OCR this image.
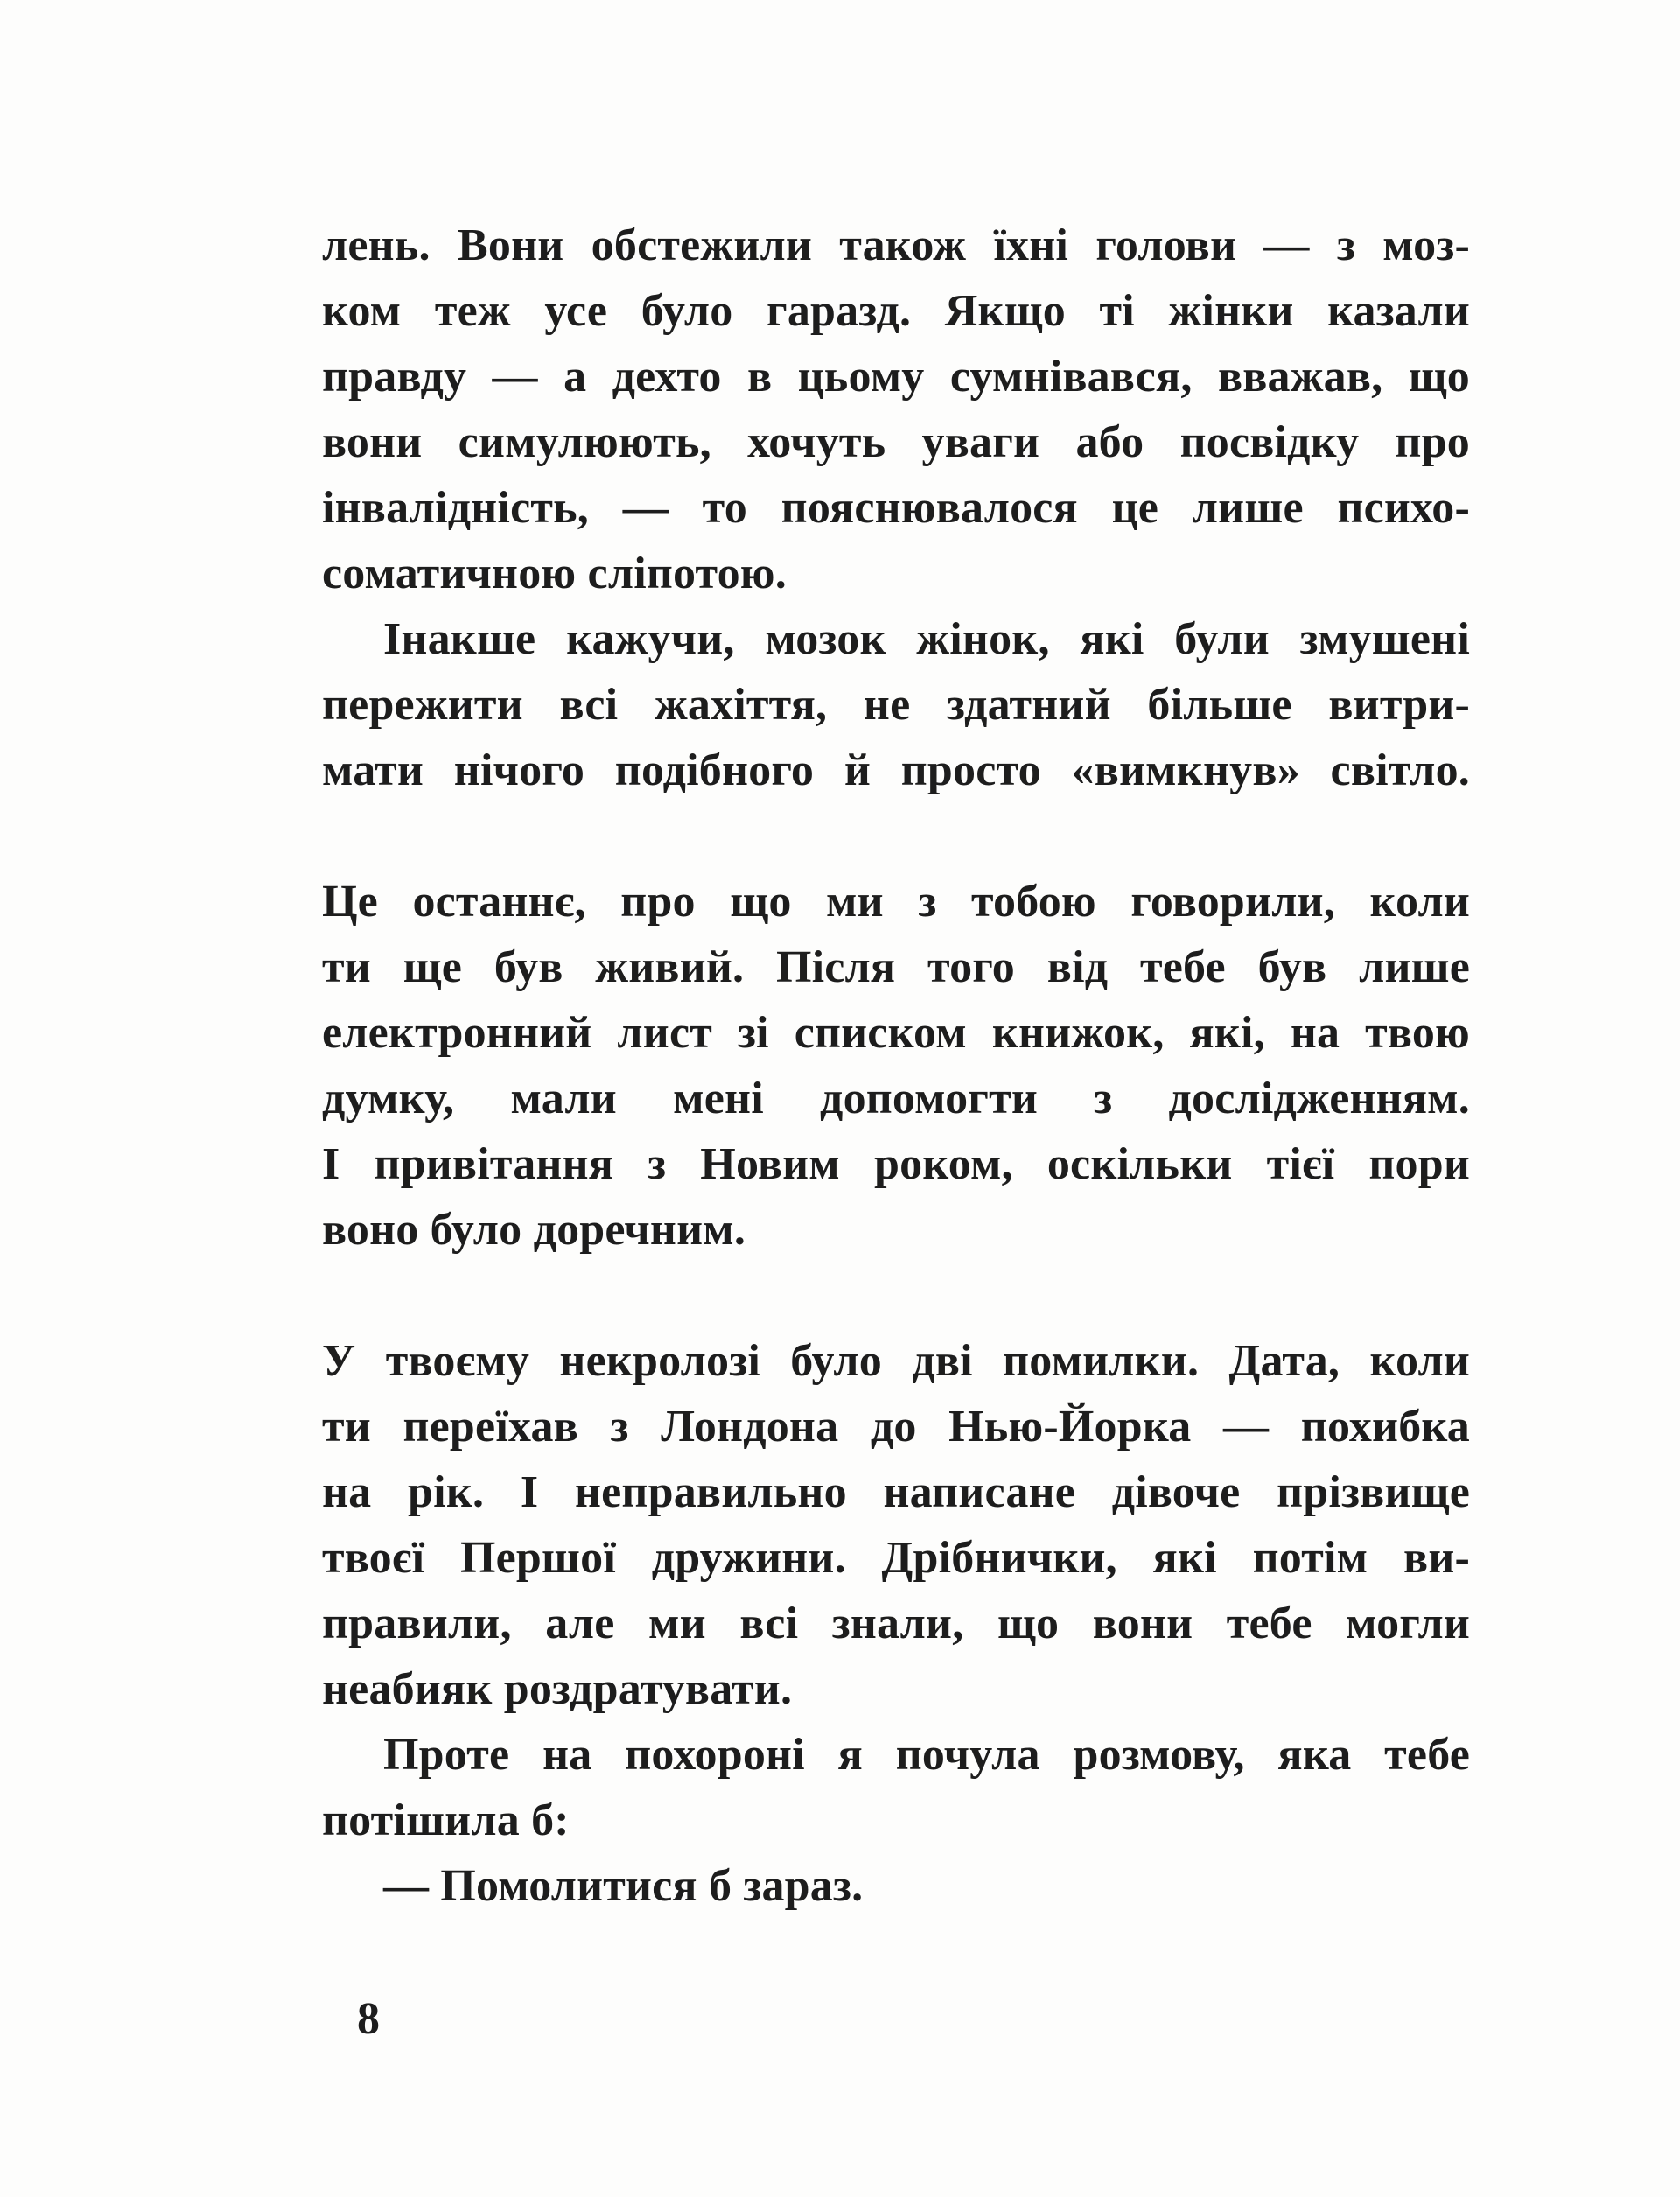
лень. Вони обстежили також їхні голови — з моз-
ком теж усе було гаразд. Якщо ті жінки казали
правду — а дехто в цьому сумнівався, вважав, що
вони симулюють, хочуть уваги або посвідку про
інвалідність, — то пояснювалося це лише психо-
соматичною сліпотою.
Інакше кажучи, мозок жінок, які були змушені
пережити всі жахіття, не здатний більше витри-
мати нічого подібного й просто «вимкнув» світло.
Це останнє, про що ми з тобою говорили, коли
ти ще був живий. Після того від тебе був лише
електронний лист зі списком книжок, які, на твою
думку, мали мені допомогти з дослідженням.
І привітання з Новим роком, оскільки тієї пори
воно було доречним.
У твоєму некролозі було дві помилки. Дата, коли
ти переїхав з Лондона до Нью-Йорка — похибка
на рік. І неправильно написане дівоче прізвище
твоєї Першої дружини. Дрібнички, які потім ви-
правили, але ми всі знали, що вони тебе могли
неабияк роздратувати.
Проте на похороні я почула розмову, яка тебе
потішила б:
— Помолитися б зараз.
8
